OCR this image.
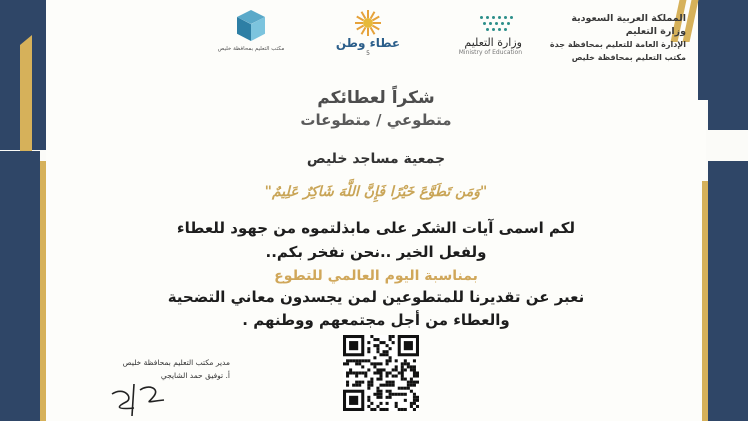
المملكة العربية السعودية
وزارة التعليم
الإدارة العامة للتعليم بمحافظة جدة
مكتب التعليم بمحافظة خليص
وزارة التعليم
Ministry of Education
عطاء وطن
5
مكتب التعليم بمحافظة خليص
شكراً لعطائكم
متطوعي / متطوعات
جمعية مساجد خليص
"وَمَن تَطَوَّعَ خَيْرًا فَإِنَّ اللَّهَ شَاكِرٌ عَلِيمٌ"
لكم اسمى آيات الشكر على مابذلتموه من جهود للعطاء
ولفعل الخير ..نحن نفخر بكم..
بمناسبة اليوم العالمي للتطوع
نعبر عن تقديرنا للمتطوعين لمن يجسدون معاني التضحية
والعطاء من أجل مجتمعهم ووطنهم .
مدير مكتب التعليم بمحافظة خليص
أ. توفيق حمد الشايجي
